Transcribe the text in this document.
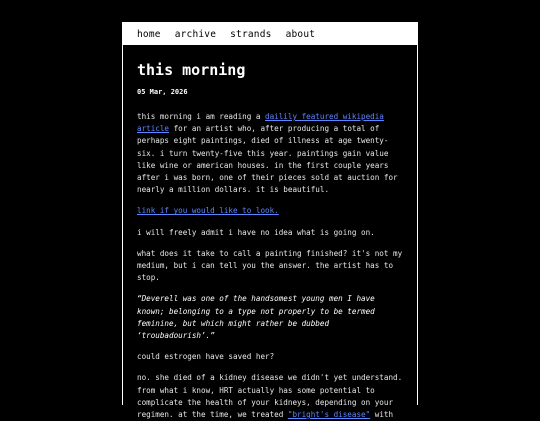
home archive strands about
this morning
05 Mar, 2026

this morning i am reading a dailily featured wikipedia article for an artist who, after producing a total of perhaps eight paintings, died of illness at age twenty-six. i turn twenty-five this year. paintings gain value like wine or american houses. in the first couple years after i was born, one of their pieces sold at auction for nearly a million dollars. it is beautiful.

link if you would like to look.

i will freely admit i have no idea what is going on.

what does it take to call a painting finished? it's not my medium, but i can tell you the answer. the artist has to stop.

“Deverell was one of the handsomest young men I have known; belonging to a type not properly to be termed feminine, but which might rather be dubbed ‘troubadourish’.”

could estrogen have saved her?

no. she died of a kidney disease we didn't yet understand. from what i know, HRT actually has some potential to complicate the health of your kidneys, depending on your regimen. at the time, we treated "bright's disease" with
